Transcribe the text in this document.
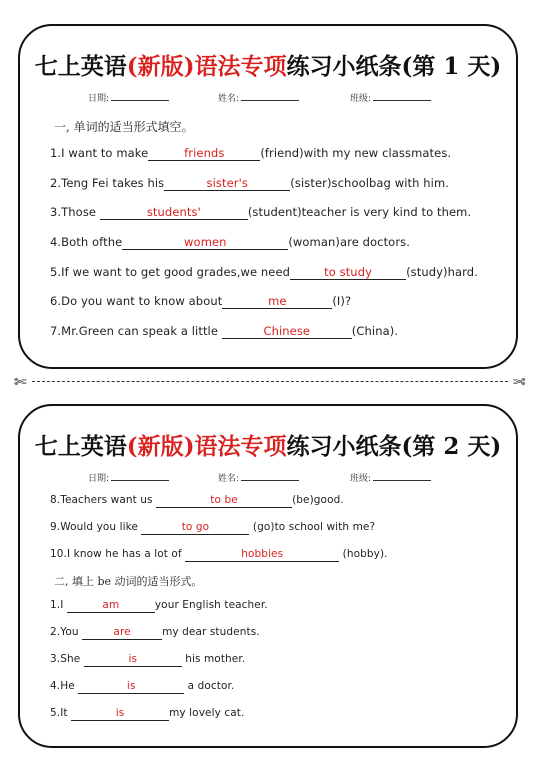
七上英语(新版)语法专项练习小纸条(第 1 天)
日期:	姓名:	班级:
一, 单词的适当形式填空。
1.I want to make	friends	(friend)with my new classmates.
2.Teng Fei takes his	sister's	(sister)schoolbag with him.
3.Those	students'	(student)teacher is very kind to them.
4.Both ofthe	women	(woman)are doctors.
5.If we want to get good grades,we need	to study	(study)hard.
6.Do you want to know about	me	(I)?
7.Mr.Green can speak a little	Chinese	(China).
✄	✄
七上英语(新版)语法专项练习小纸条(第 2 天)
日期:	姓名:	班级:
8.Teachers want us	to be	(be)good.
9.Would you like	to go	(go)to school with me?
10.I know he has a lot of	hobbies	(hobby).
二, 填上 be 动词的适当形式。
1.I	am	your English teacher.
2.You	are	my dear students.
3.She	is	his mother.
4.He	is	a doctor.
5.It	is	my lovely cat.
